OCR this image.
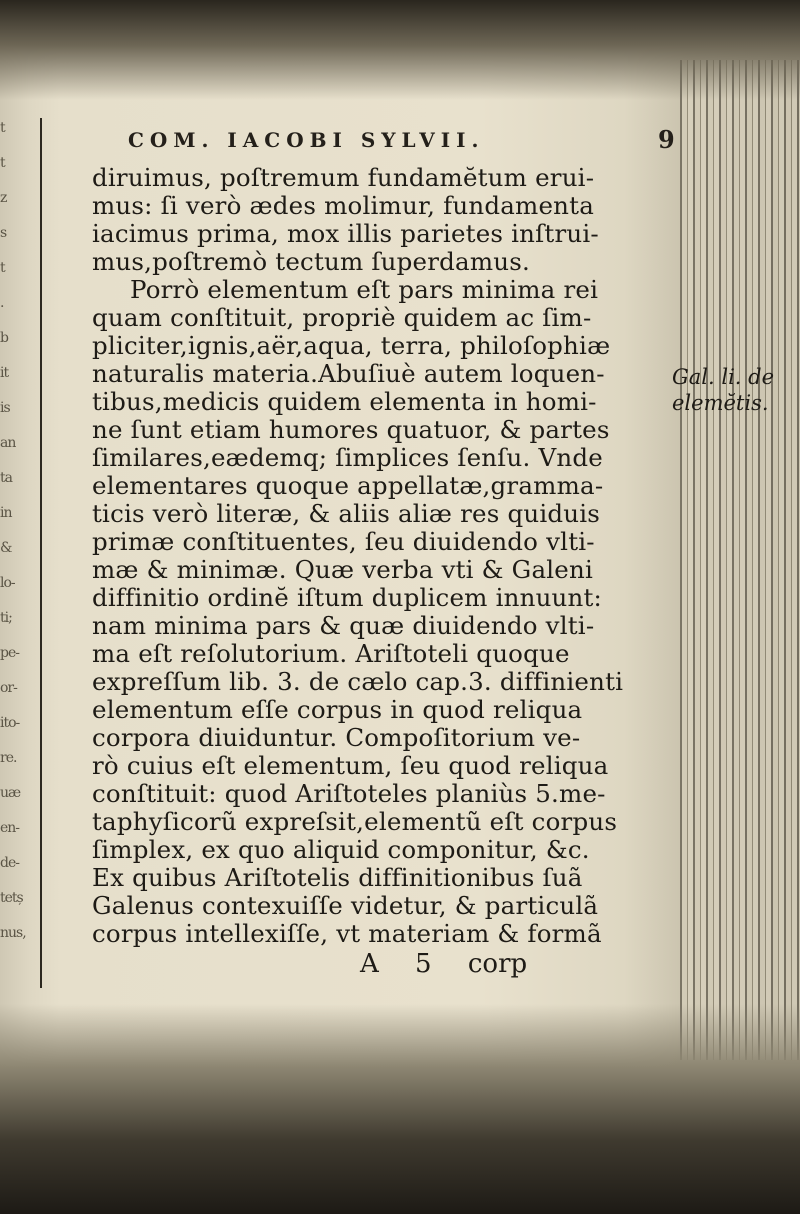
t
t
z
s
t
.
b
it
is
an
ta
in
&
lo-
ti;
pe-
or-
ito-
re.
uæ
en-
de-
tetș
nus,
COM. IACOBI SYLVII.	9
diruimus, poſtremum fundamĕtum erui-
mus: ſi verò ædes molimur, fundamenta
iacimus prima, mox illis parietes inſtrui-
mus,poſtremò tectum ſuperdamus.
Porrò elementum eſt pars minima rei
quam conſtituit, propriè quidem ac ſim-
pliciter,ignis,aër,aqua, terra, philoſophiæ
naturalis materia.Abuſiuè autem loquen-
tibus,medicis quidem elementa in homi-
ne ſunt etiam humores quatuor, & partes
ſimilares,eædemq; ſimplices ſenſu. Vnde
elementares quoque appellatæ,gramma-
ticis verò literæ, & aliis aliæ res quiduis
primæ conſtituentes, ſeu diuidendo vlti-
mæ & minimæ. Quæ verba vti & Galeni
diffinitio ordinĕ iſtum duplicem innuunt:
nam minima pars & quæ diuidendo vlti-
ma eſt reſolutorium. Ariſtoteli quoque
expreſſum lib. 3. de cælo cap.3. diffinienti
elementum eſſe corpus in quod reliqua
corpora diuiduntur. Compoſitorium ve-
rò cuius eſt elementum, ſeu quod reliqua
conſtituit: quod Ariſtoteles planiùs 5.me-
taphyſicorũ expreſsit,elementũ eſt corpus
ſimplex, ex quo aliquid componitur, &c.
Ex quibus Ariſtotelis diffinitionibus ſuã
Galenus contexuiſſe videtur, & particulã
corpus intellexiſſe, vt materiam & formã
Gal. li. de
elemĕtis.
A 5 corp
